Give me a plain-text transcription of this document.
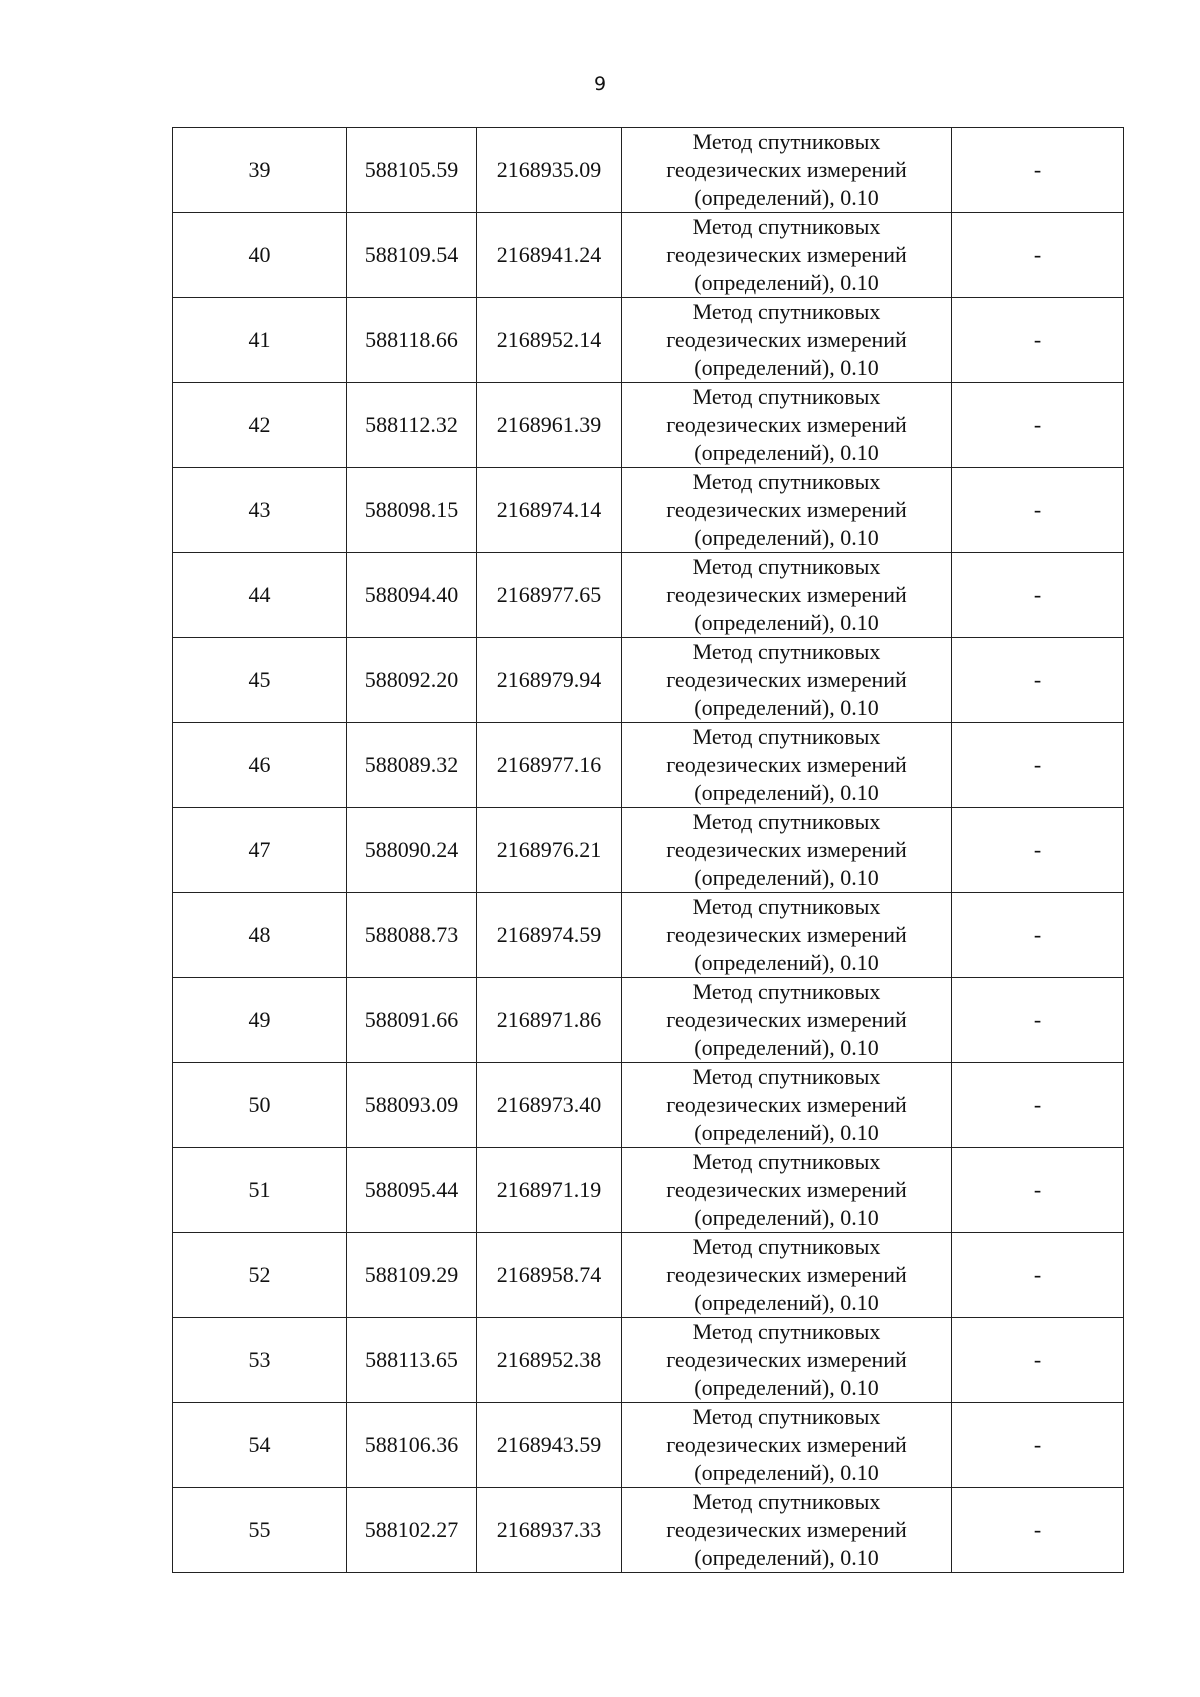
9
39	588105.59	2168935.09	Метод спутниковых
геодезических измерений
(определений), 0.10	-
40	588109.54	2168941.24	Метод спутниковых
геодезических измерений
(определений), 0.10	-
41	588118.66	2168952.14	Метод спутниковых
геодезических измерений
(определений), 0.10	-
42	588112.32	2168961.39	Метод спутниковых
геодезических измерений
(определений), 0.10	-
43	588098.15	2168974.14	Метод спутниковых
геодезических измерений
(определений), 0.10	-
44	588094.40	2168977.65	Метод спутниковых
геодезических измерений
(определений), 0.10	-
45	588092.20	2168979.94	Метод спутниковых
геодезических измерений
(определений), 0.10	-
46	588089.32	2168977.16	Метод спутниковых
геодезических измерений
(определений), 0.10	-
47	588090.24	2168976.21	Метод спутниковых
геодезических измерений
(определений), 0.10	-
48	588088.73	2168974.59	Метод спутниковых
геодезических измерений
(определений), 0.10	-
49	588091.66	2168971.86	Метод спутниковых
геодезических измерений
(определений), 0.10	-
50	588093.09	2168973.40	Метод спутниковых
геодезических измерений
(определений), 0.10	-
51	588095.44	2168971.19	Метод спутниковых
геодезических измерений
(определений), 0.10	-
52	588109.29	2168958.74	Метод спутниковых
геодезических измерений
(определений), 0.10	-
53	588113.65	2168952.38	Метод спутниковых
геодезических измерений
(определений), 0.10	-
54	588106.36	2168943.59	Метод спутниковых
геодезических измерений
(определений), 0.10	-
55	588102.27	2168937.33	Метод спутниковых
геодезических измерений
(определений), 0.10	-
